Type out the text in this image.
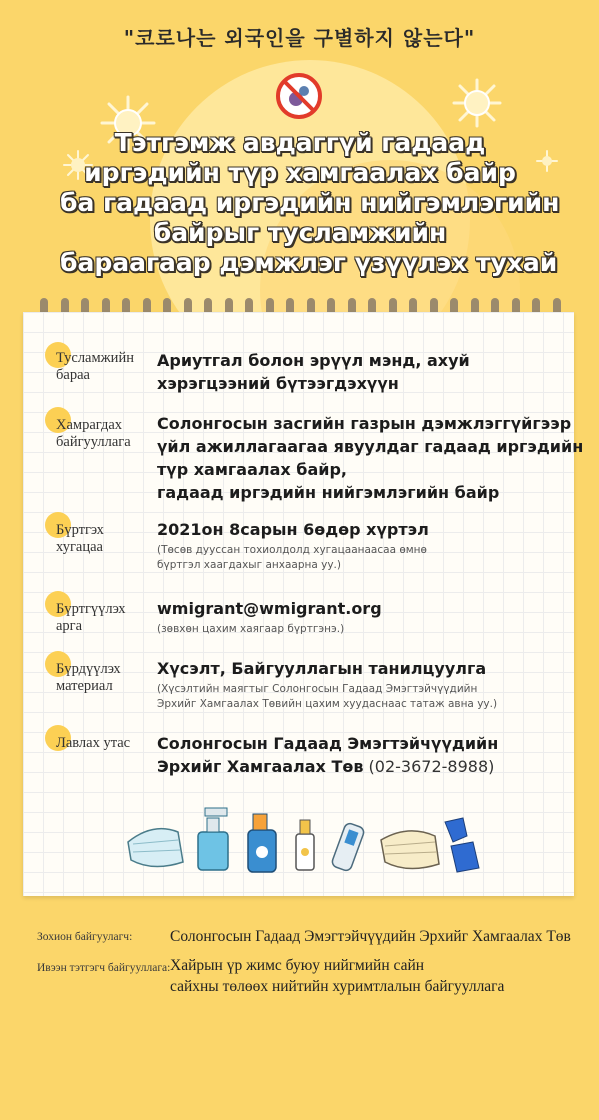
"코로나는 외국인을 구별하지 않는다"
Тэтгэмж авдаггүй гадаад
иргэдийн түр хамгаалах байр
ба гадаад иргэдийн нийгэмлэгийн
байрыг тусламжийн
бараагаар дэмжлэг үзүүлэх тухай
Тусламжийн
бараа
Ариутгал болон эрүүл мэнд, ахуй
хэрэгцээний бүтээгдэхүүн
Хамрагдах
байгууллага
Солонгосын засгийн газрын дэмжлэггүйгээр
үйл ажиллагаагаа явуулдаг гадаад иргэдийн
түр хамгаалах байр,
гадаад иргэдийн нийгэмлэгийн байр
Бүртгэх
хугацаа
2021он 8сарын 6өдөр хүртэл
(Төсөв дууссан тохиолдолд хугацаанаасаа өмнө
бүртгэл хаагдахыг анхаарна уу.)
Бүртгүүлэх
арга
wmigrant@wmigrant.org
(зөвхөн цахим хаягаар бүртгэнэ.)
Бүрдүүлэх
материал
Хүсэлт, Байгууллагын танилцуулга
(Хүсэлтийн маягтыг Солонгосын Гадаад Эмэгтэйчүүдийн
Эрхийг Хамгаалах Төвийн цахим хуудаснаас татаж авна уу.)
Лавлах утас Солонгосын Гадаад Эмэгтэйчүүдийн
Эрхийг Хамгаалах Төв (02-3672-8988)
Зохион байгуулагч: Солонгосын Гадаад Эмэгтэйчүүдийн Эрхийг Хамгаалах Төв
Ивээн тэтгэгч байгууллага: Хайрын үр жимс буюу нийгмийн сайн
сайхны төлөөх нийтийн хуримтлалын байгууллага
